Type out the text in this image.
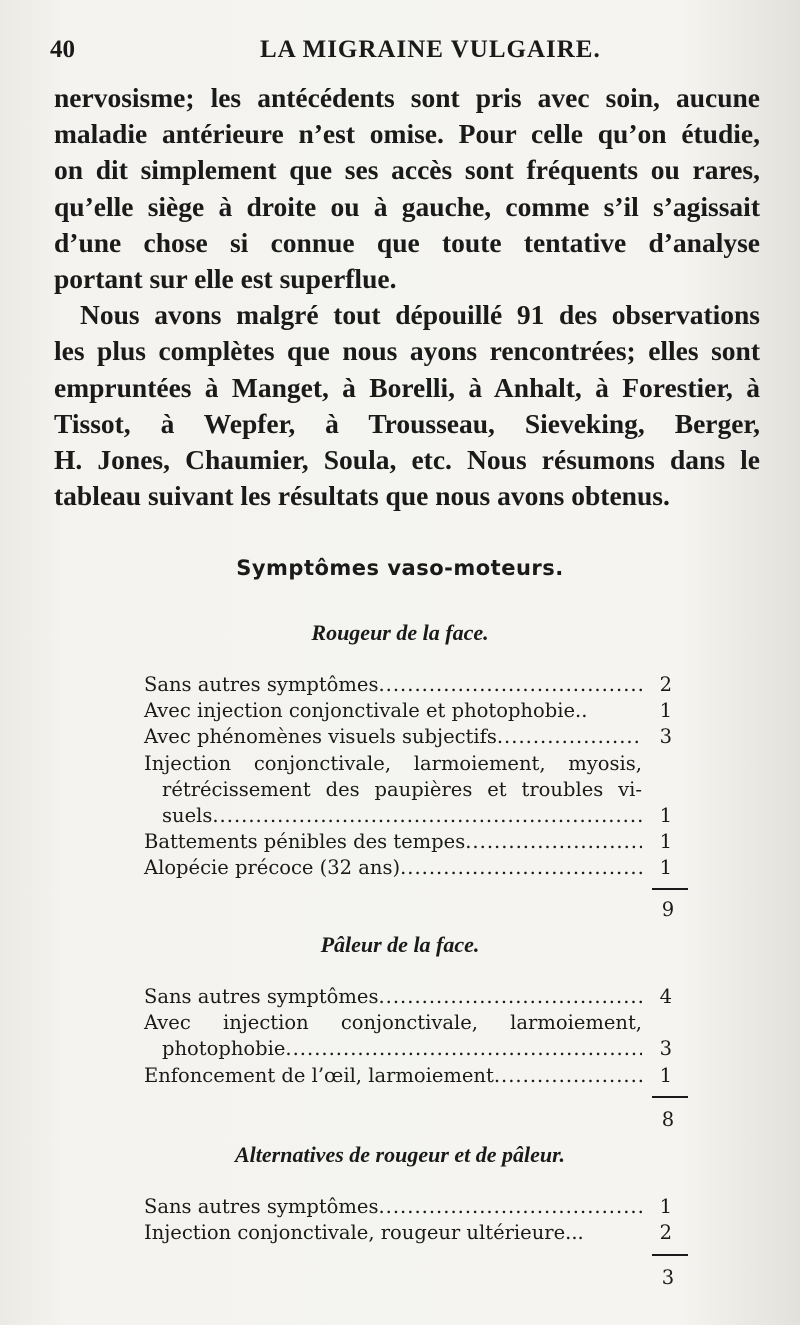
40	LA MIGRAINE VULGAIRE.
nervosisme; les antécédents sont pris avec soin, aucune
maladie antérieure n’est omise. Pour celle qu’on étudie,
on dit simplement que ses accès sont fréquents ou rares,
qu’elle siège à droite ou à gauche, comme s’il s’agissait
d’une chose si connue que toute tentative d’analyse
portant sur elle est superflue.
Nous avons malgré tout dépouillé 91 des observations
les plus complètes que nous ayons rencontrées; elles sont
empruntées à Manget, à Borelli, à Anhalt, à Forestier, à
Tissot, à Wepfer, à Trousseau, Sieveking, Berger,
H. Jones, Chaumier, Soula, etc. Nous résumons dans le
tableau suivant les résultats que nous avons obtenus.
Symptômes vaso-moteurs.
Rougeur de la face.
Sans autres symptômes .....	2
Avec injection conjonctivale et photophobie..	1
Avec phénomènes visuels subjectifs .....	3
Injection conjonctivale, larmoiement, myosis,
rétrécissement des paupières et troubles vi-
suels .....	1
Battements pénibles des tempes .....	1
Alopécie précoce (32 ans) .....	1
9
Pâleur de la face.
Sans autres symptômes .....	4
Avec injection conjonctivale, larmoiement,
photophobie .....	3
Enfoncement de l’œil, larmoiement .....	1
8
Alternatives de rougeur et de pâleur.
Sans autres symptômes .....	1
Injection conjonctivale, rougeur ultérieure...	2
3
